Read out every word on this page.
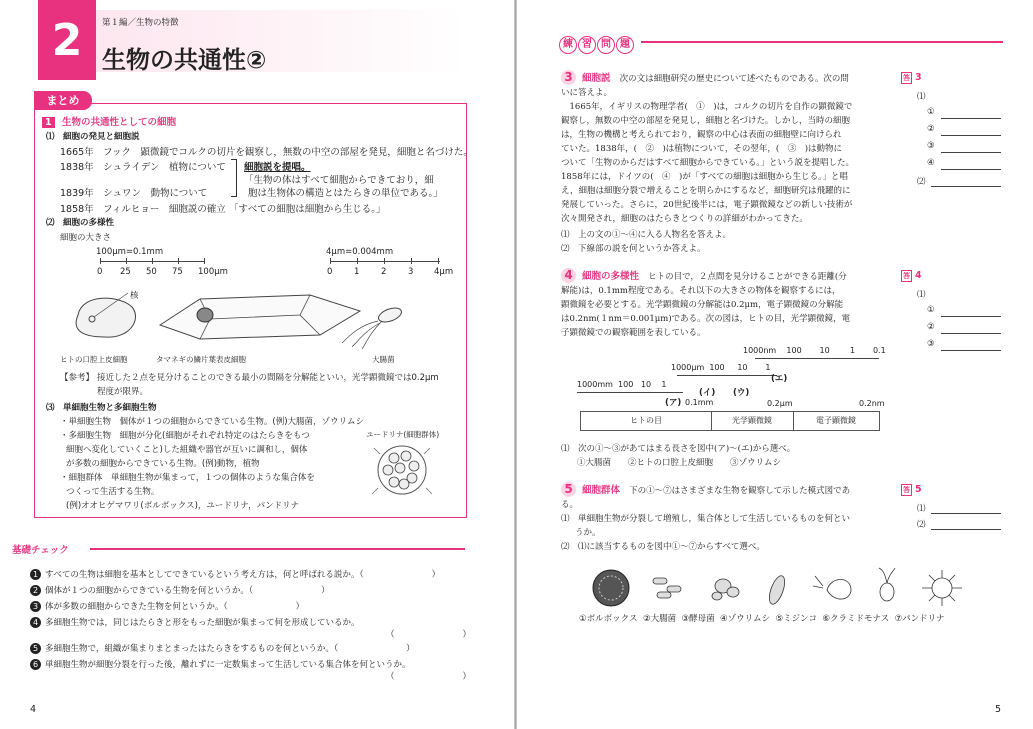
2	第１編／生物の特徴
生物の共通性②
まとめ
1 生物の共通性としての細胞
⑴　細胞の発見と細胞説
1665年　フック　顕微鏡でコルクの切片を観察し，無数の中空の部屋を発見，細胞と名づけた。
1838年　シュライデン　植物について
1839年　シュワン　動物について
細胞説を提唱。
「生物の体はすべて細胞からできており，細
胞は生物体の構造とはたらきの単位である。」
1858年　フィルヒョー　細胞説の確立 「すべての細胞は細胞から生じる。」
⑵　細胞の多様性
細胞の大きさ
100μm=0.1mm
0 25 50 75 100μm
4μm=0.004mm
0	1	2	3 4μm
核
ヒトの口腔上皮細胞	タマネギの鱗片葉表皮細胞	大腸菌
【参考】 接近した２点を見分けることのできる最小の間隔を分解能といい，光学顕微鏡では0.2μm
程度が限界。
⑶　単細胞生物と多細胞生物
・単細胞生物　個体が１つの細胞からできている生物。(例)大腸菌，ゾウリムシ
・多細胞生物　細胞が分化(細胞がそれぞれ特定のはたらきをもつ
細胞へ変化していくこと)した組織や器官が互いに調和し，個体
が多数の細胞からできている生物。(例)動物，植物
・細胞群体　単細胞生物が集まって，１つの個体のような集合体を
つくって生活する生物。
(例)オオヒゲマワリ(ボルボックス)，ユードリナ，パンドリナ
ユードリナ(細胞群体)
基礎チェック
1 すべての生物は細胞を基本としてできているという考え方は，何と呼ばれる説か。（　　　　　　　　）
2 個体が１つの細胞からできている生物を何というか。（　　　　　　　　）
3 体が多数の細胞からできた生物を何というか。（　　　　　　　　）
4 多細胞生物では，同じはたらきと形をもった細胞が集まって何を形成しているか。
（　　　　　　　　）
5 多細胞生物で，組織が集まりまとまったはたらきをするものを何というか。（　　　　　　　　）
6 単細胞生物が細胞分裂を行った後，離れずに一定数集まって生活している集合体を何というか。
（　　　　　　　　）
4
練 習 問 題
3 細胞説 次の文は細胞研究の歴史について述べたものである。次の問
いに答えよ。
　1665年，イギリスの物理学者(　①　)は，コルクの切片を自作の顕微鏡で
観察し，無数の中空の部屋を発見し，細胞と名づけた。しかし，当時の細胞
は，生物の機構と考えられており，観察の中心は表面の細胞壁に向けられ
ていた。1838年，(　②　)は植物について，その翌年，(　③　)は動物に
ついて「生物のからだはすべて細胞からできている。」という説を提唱した。
1858年には，ドイツの(　④　)が「すべての細胞は細胞から生じる。」と唱
え，細胞は細胞分裂で増えることを明らかにするなど，細胞研究は飛躍的に
発展していった。さらに，20世紀後半には，電子顕微鏡などの新しい技術が
次々開発され，細胞のはたらきとつくりの詳細がわかってきた。
⑴　上の文の①～④に入る人物名を答えよ。
⑵　下線部の説を何というか答えよ。
答 3
⑴
①
②
③
④
⑵
4 細胞の多様性 ヒトの目で，２点間を見分けることができる距離(分
解能)は，0.1mm程度である。それ以下の大きさの物体を観察するには，
顕微鏡を必要とする。光学顕微鏡の分解能は0.2μm，電子顕微鏡の分解能
は0.2nm(１nm＝0.001μm)である。次の図は，ヒトの目，光学顕微鏡，電
子顕微鏡での観察範囲を表している。
1000nm 100 10	1 0.1
1000μm 100 10 1
1000mm 100 10 1
(ア) 0.1mm
(イ) (ウ)
(エ)
0.2μm	0.2nm
ヒトの目	光学顕微鏡	電子顕微鏡
⑴　次の①～③があてはまる長さを図中(ア)～(エ)から選べ。
①大腸菌　　②ヒトの口腔上皮細胞　　③ゾウリムシ
答 4
⑴
①
②
③
5 細胞群体 下の①～⑦はさまざまな生物を観察して示した模式図であ
る。
⑴　単細胞生物が分裂して増殖し，集合体として生活しているものを何とい
うか。
⑵　⑴に該当するものを図中①～⑦からすべて選べ。
答 5
⑴
⑵
①ボルボックス ②大腸菌 ③酵母菌 ④ゾウリムシ ⑤ミジンコ ⑥クラミドモナス ⑦パンドリナ
5
